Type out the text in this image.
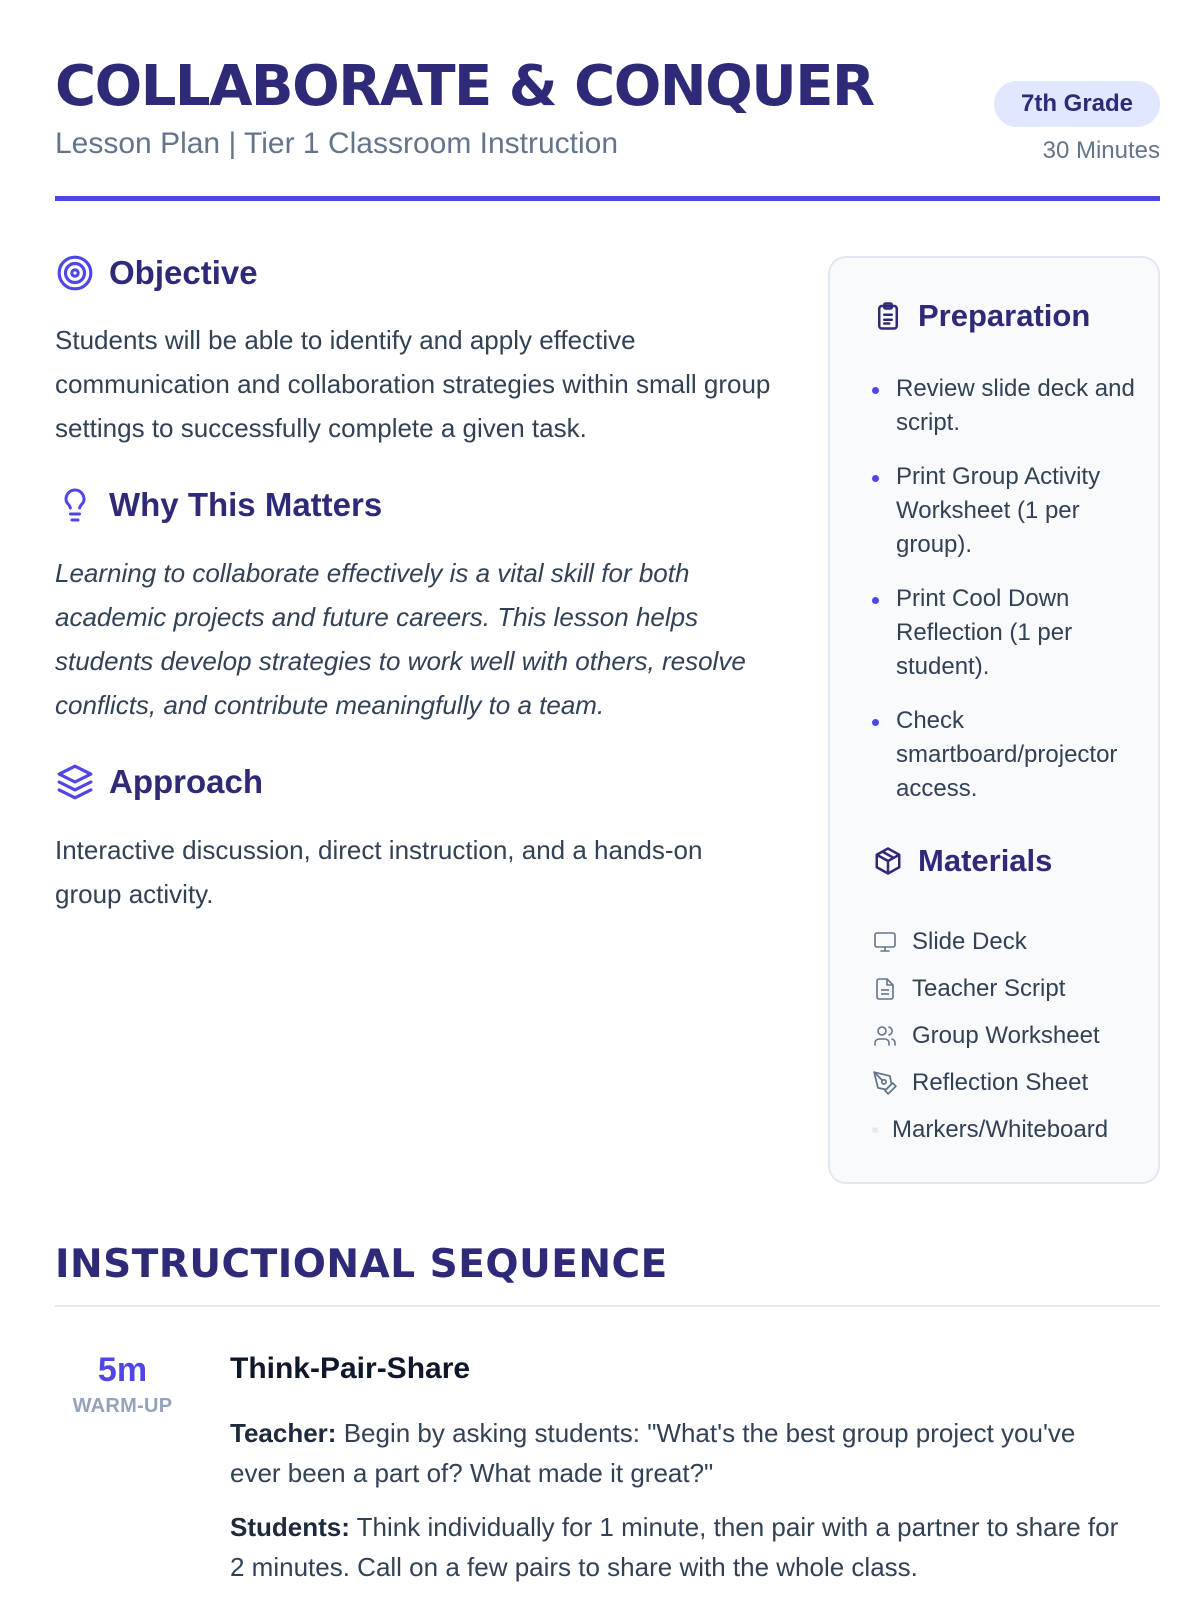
COLLABORATE & CONQUER
Lesson Plan | Tier 1 Classroom Instruction
7th Grade
30 Minutes
Objective

Students will be able to identify and apply effective communication and collaboration strategies within small group settings to successfully complete a given task.

Why This Matters

Learning to collaborate effectively is a vital skill for both academic projects and future careers. This lesson helps students develop strategies to work well with others, resolve conflicts, and contribute meaningfully to a team.

Approach

Interactive discussion, direct instruction, and a hands-on group activity.

Preparation
Review slide deck and script.
Print Group Activity Worksheet (1 per group).
Print Cool Down Reflection (1 per student).
Check smartboard/projector access.
Materials
Slide Deck
Teacher Script
Group Worksheet
Reflection Sheet
Markers/Whiteboard
INSTRUCTIONAL SEQUENCE
5m
WARM-UP
Think-Pair-Share

Teacher: Begin by asking students: "What's the best group project you've ever been a part of? What made it great?"

Students: Think individually for 1 minute, then pair with a partner to share for 2 minutes. Call on a few pairs to share with the whole class.
